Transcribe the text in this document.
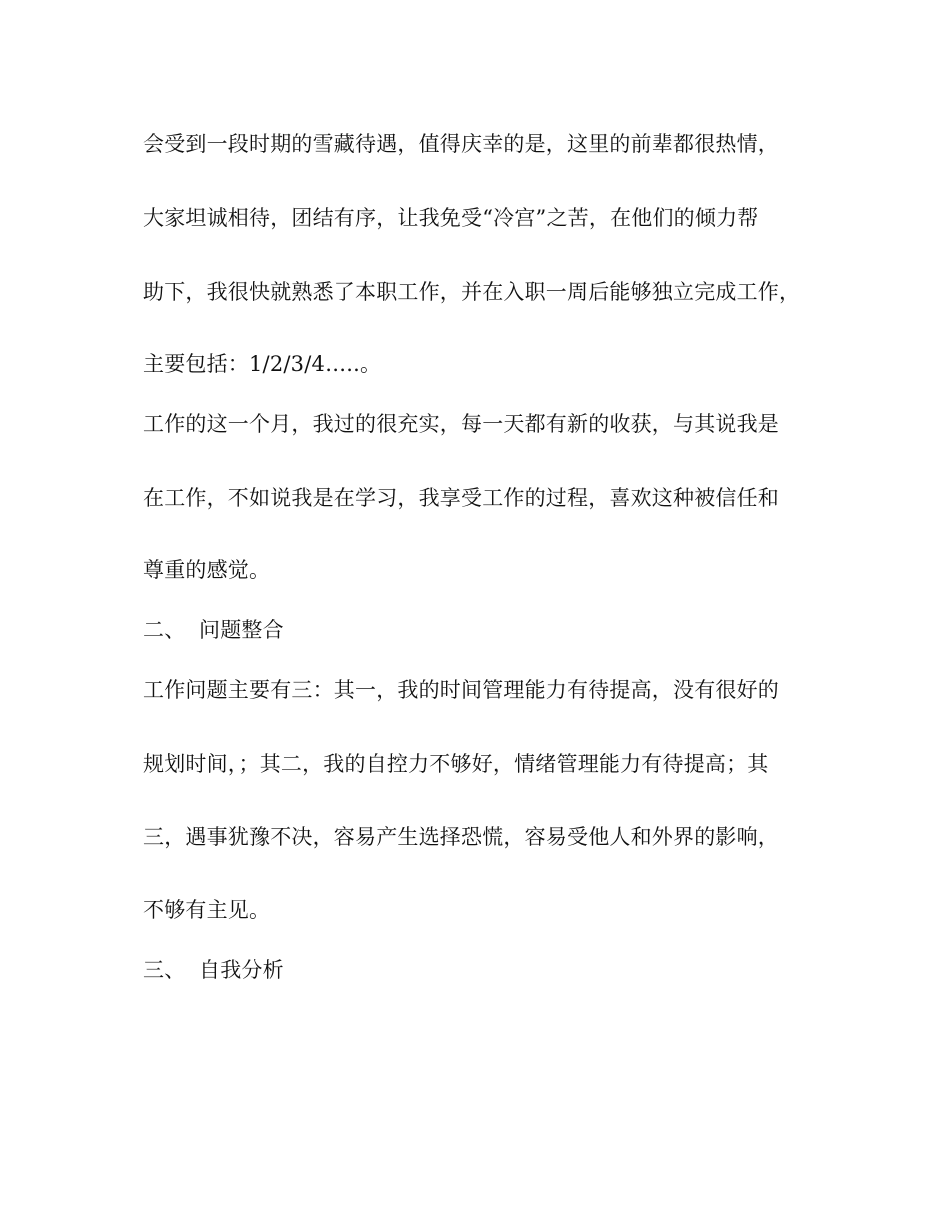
会受到一段时期的雪藏待遇，值得庆幸的是，这里的前辈都很热情，
大家坦诚相待，团结有序，让我免受“冷宫”之苦，在他们的倾力帮
助下，我很快就熟悉了本职工作，并在入职一周后能够独立完成工作，
主要包括：1/2/3/4…..。
工作的这一个月，我过的很充实，每一天都有新的收获，与其说我是
在工作，不如说我是在学习，我享受工作的过程，喜欢这种被信任和
尊重的感觉。
二、 问题整合
工作问题主要有三：其一，我的时间管理能力有待提高，没有很好的
规划时间，；其二，我的自控力不够好，情绪管理能力有待提高；其
三，遇事犹豫不决，容易产生选择恐慌，容易受他人和外界的影响，
不够有主见。
三、 自我分析
